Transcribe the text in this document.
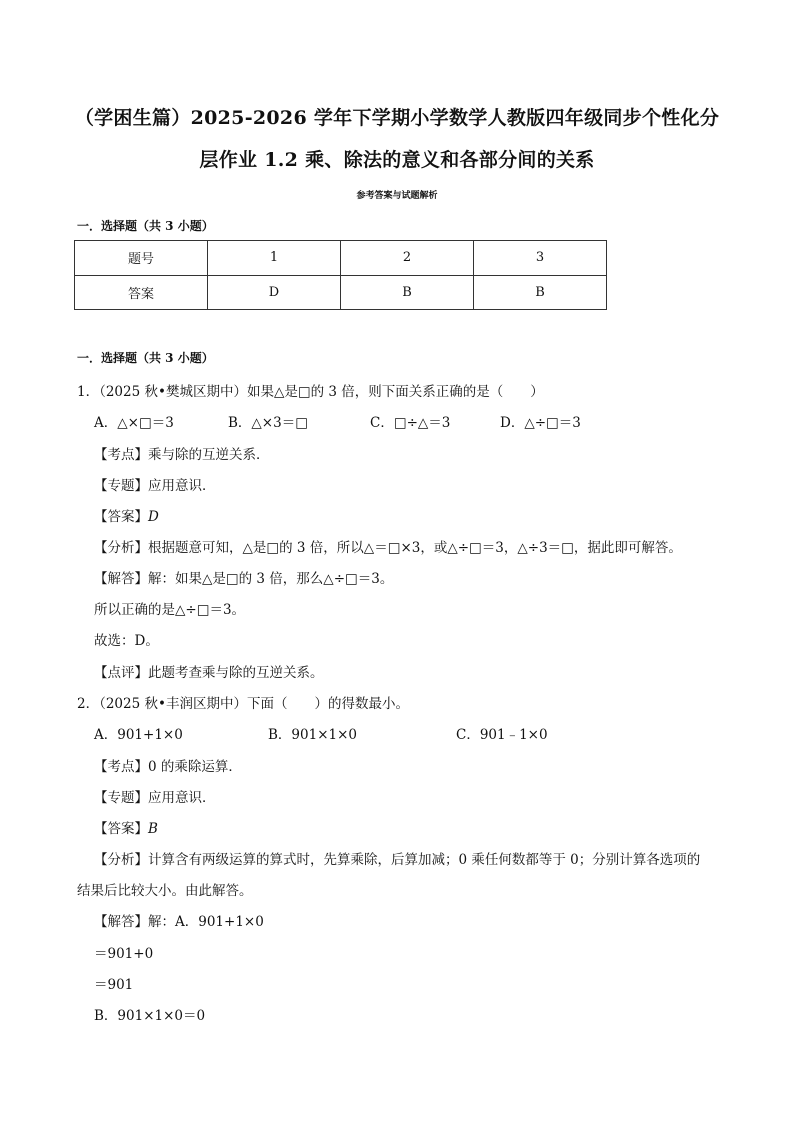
（学困生篇）2025-2026 学年下学期小学数学人教版四年级同步个性化分
层作业 1.2 乘、除法的意义和各部分间的关系
参考答案与试题解析
一．选择题（共 3 小题）
题号	1	2	3
答案	D	B	B
一．选择题（共 3 小题）
1．（2025 秋•樊城区期中）如果△是□的 3 倍，则下面关系正确的是（　　）
A．△×□＝3	B．△×3＝□	C．□÷△＝3	D．△÷□＝3
【考点】乘与除的互逆关系．
【专题】应用意识．
【答案】D
【分析】根据题意可知，△是□的 3 倍，所以△＝□×3，或△÷□＝3，△÷3＝□，据此即可解答。
【解答】解：如果△是□的 3 倍，那么△÷□＝3。
所以正确的是△÷□＝3。
故选：D。
【点评】此题考查乘与除的互逆关系。
2．（2025 秋•丰润区期中）下面（　　）的得数最小。
A．901+1×0	B．901×1×0	C．901﹣1×0
【考点】0 的乘除运算．
【专题】应用意识．
【答案】B
【分析】计算含有两级运算的算式时，先算乘除，后算加减；0 乘任何数都等于 0；分别计算各选项的
结果后比较大小。由此解答。
【解答】解：A．901+1×0
＝901+0
＝901
B．901×1×0＝0
